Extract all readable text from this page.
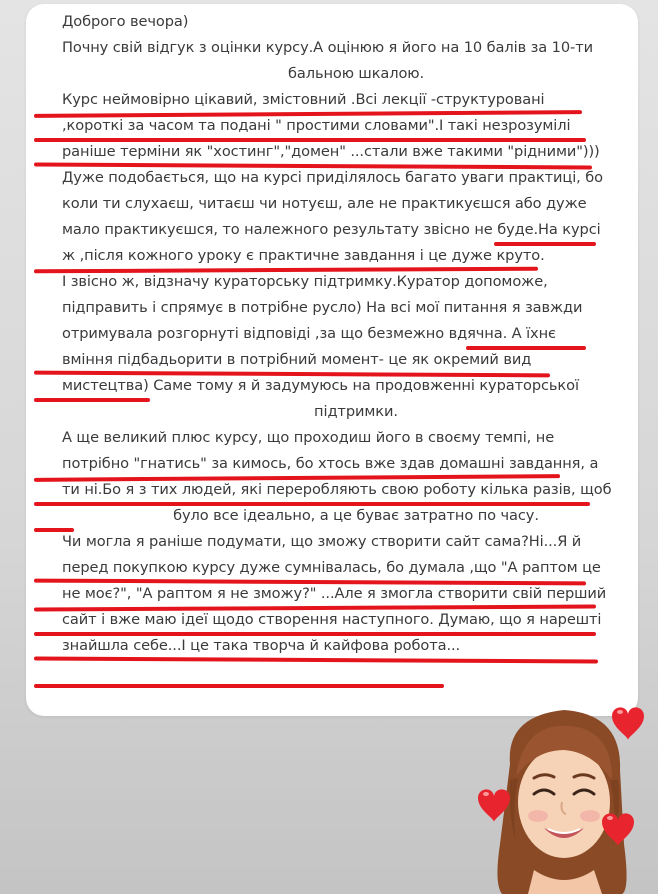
Доброго вечора)
Почну свій відгук з оцінки курсу.А оцінюю я його на 10 балів за 10-ти
бальною шкалою.
Курс неймовірно цікавий, змістовний .Всі лекції -структуровані
,короткі за часом та подані " простими словами".І такі незрозумілі
раніше терміни як "хостинг","домен" ...стали вже такими "рідними")))
Дуже подобається, що на курсі приділялось багато уваги практиці, бо
коли ти слухаєш, читаєш чи нотуєш, але не практикуєшся або дуже
мало практикуєшся, то належного результату звісно не буде.На курсі
ж ,після кожного уроку є практичне завдання і це дуже круто.
І звісно ж, відзначу кураторську підтримку.Куратор допоможе,
підправить і спрямує в потрібне русло) На всі мої питання я завжди
отримувала розгорнуті відповіді ,за що безмежно вдячна. А їхнє
вміння підбадьорити в потрібний момент- це як окремий вид
мистецтва) Саме тому я й задумуюсь на продовженні кураторської
підтримки.
А ще великий плюс курсу, що проходиш його в своєму темпі, не
потрібно "гнатись" за кимось, бо хтось вже здав домашні завдання, а
ти ні.Бо я з тих людей, які переробляють свою роботу кілька разів, щоб
було все ідеально, а це буває затратно по часу.
Чи могла я раніше подумати, що зможу створити сайт сама?Ні...Я й
перед покупкою курсу дуже сумнівалась, бо думала ,що "А раптом це
не моє?", "А раптом я не зможу?" ...Але я змогла створити свій перший
сайт і вже маю ідеї щодо створення наступного. Думаю, що я нарешті
знайшла себе...І це така творча й кайфова робота...
